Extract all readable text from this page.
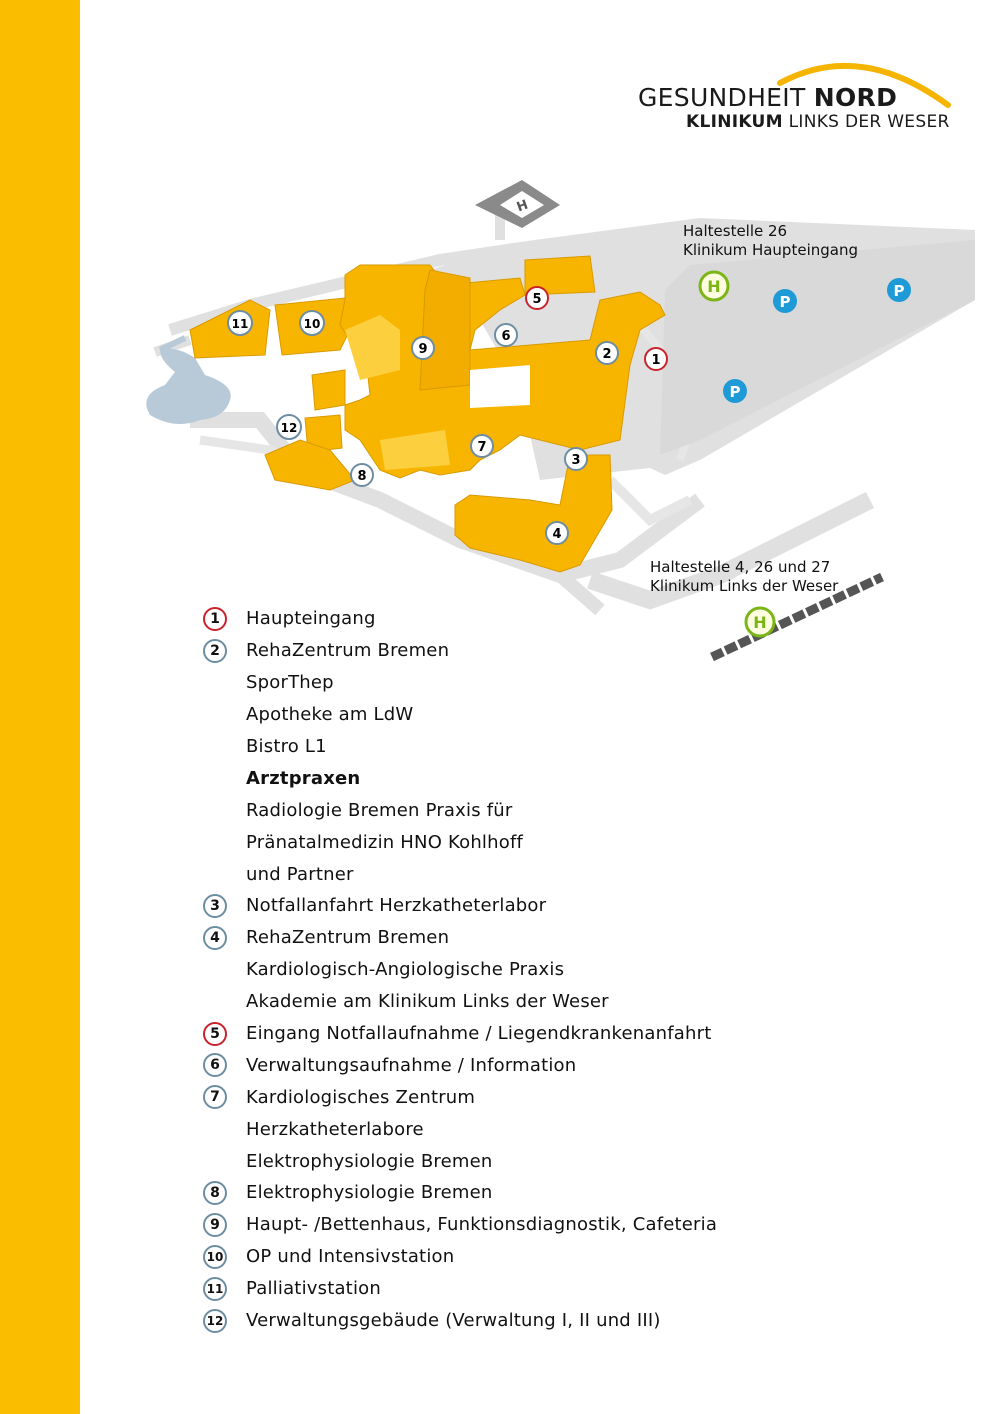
GESUNDHEIT NORD
KLINIKUM LINKS DER WESER
H
H
H
P
P
P
1
2
3
4
5
6
7
8
9
10
11
12
Haltestelle 26
Klinikum Haupteingang
Haltestelle 4, 26 und 27
Klinikum Links der Weser
1	Haupteingang
2	RehaZentrum Bremen
SporThep
Apotheke am LdW
Bistro L1
Arztpraxen
Radiologie Bremen Praxis für
Pränatalmedizin HNO Kohlhoff
und Partner
3	Notfallanfahrt Herzkatheterlabor
4	RehaZentrum Bremen
Kardiologisch-Angiologische Praxis
Akademie am Klinikum Links der Weser
5	Eingang Notfallaufnahme / Liegendkrankenanfahrt
6	Verwaltungsaufnahme / Information
7	Kardiologisches Zentrum
Herzkatheterlabore
Elektrophysiologie Bremen
8	Elektrophysiologie Bremen
9	Haupt- /Bettenhaus, Funktionsdiagnostik, Cafeteria
10 OP und Intensivstation
11 Palliativstation
12 Verwaltungsgebäude (Verwaltung I, II und III)
